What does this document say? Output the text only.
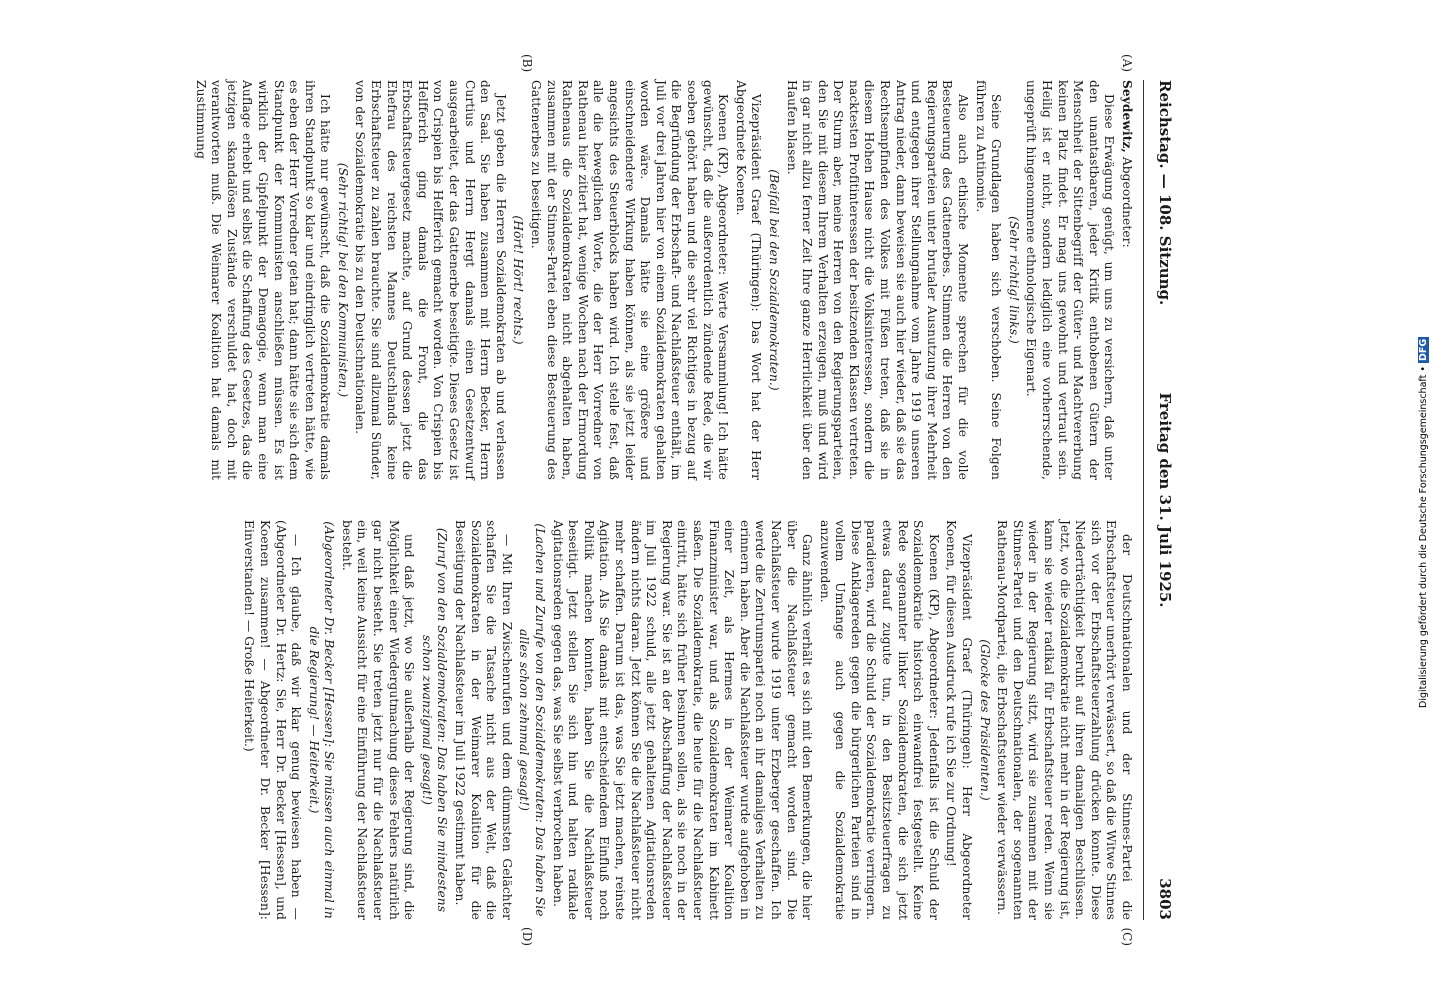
Reichstag. — 108. Sitzung.
Freitag den 31. Juli 1925.
3803
(A)
(B)
(C)
(D)

Seydewitz, Abgeordneter:

Diese Erwägung genügt, um uns zu versichern, daß unter den unantastbaren, jeder Kritik enthobenen Gütern der Menschheit der Sittenbegriff der Güter- und Machtvererbung keinen Platz findet. Er mag uns gewohnt und vertraut sein. Heilig ist er nicht, sondern lediglich eine vorherrschende, ungeprüft hingenommene ethnologische Eigenart.

(Sehr richtig! links.)

Seine Grundlagen haben sich verschoben. Seine Folgen führen zu Antinomie.

Also auch ethische Momente sprechen für die volle Besteuerung des Gattenerbes. Stimmen die Herren von den Regierungsparteien unter brutaler Ausnutzung ihrer Mehrheit und entgegen ihrer Stellungnahme vom Jahre 1919 unseren Antrag nieder, dann beweisen sie auch hier wieder, daß sie das Rechtsempfinden des Volkes mit Füßen treten, daß sie in diesem Hohen Hause nicht die Volksinteressen, sondern die nacktesten Profitinteressen der besitzenden Klassen vertreten. Der Sturm aber, meine Herren von den Regierungsparteien, den Sie mit diesem Ihrem Verhalten erzeugen, muß und wird in gar nicht allzu ferner Zeit Ihre ganze Herrlichkeit über den Haufen blasen.

(Beifall bei den Sozialdemokraten.)

Vizepräsident Graef (Thüringen): Das Wort hat der Herr Abgeordnete Koenen.

Koenen (KP), Abgeordneter: Werte Versammlung! Ich hätte gewünscht, daß die außerordentlich zündende Rede, die wir soeben gehört haben und die sehr viel Richtiges in bezug auf die Begründung der Erbschaft- und Nachlaßsteuer enthält, im Juli vor drei Jahren hier von einem Sozialdemokraten gehalten worden wäre. Damals hätte sie eine größere und einschneidendere Wirkung haben können, als sie jetzt leider angesichts des Steuerblocks haben wird. Ich stelle fest, daß alle die beweglichen Worte, die der Herr Vorredner von Rathenau hier zitiert hat, wenige Wochen nach der Ermordung Rathenaus die Sozialdemokraten nicht abgehalten haben, zusammen mit der Stinnes-Partei eben diese Besteuerung des Gattenerbes zu beseitigen.

(Hört! Hört! rechts.)

Jetzt geben die Herren Sozialdemokraten ab und verlassen den Saal. Sie haben zusammen mit Herrn Becker, Herrn Curtius und Herrn Hergt damals einen Gesetzentwurf ausgearbeitet, der das Gattenerbe beseitigte. Dieses Gesetz ist von Crispien bis Helfferich gemacht worden. Von Crispien bis Helfferich ging damals die Front, die das Erbschaftsteuergesetz machte, auf Grund dessen jetzt die Ehefrau des reichsten Mannes Deutschlands keine Erbschaftsteuer zu zahlen brauchte. Sie sind allzumal Sünder, von der Sozialdemokratie bis zu den Deutschnationalen.

(Sehr richtig! bei den Kommunisten.)

Ich hätte nur gewünscht, daß die Sozialdemokratie damals ihren Standpunkt so klar und eindringlich vertreten hätte, wie es eben der Herr Vorredner getan hat; dann hätte sie sich dem Standpunkt der Kommunisten anschließen müssen. Es ist wirklich der Gipfelpunkt der Demagogie, wenn man eine Auflage erhebt und selbst die Schaffung des Gesetzes, das die jetzigen skandalösen Zustände verschuldet hat, doch mit verantworten muß. Die Weimarer Koalition hat damals mit Zustimmung

der Deutschnationalen und der Stinnes-Partei die Erbschaftsteuer unerhört verwässert, so daß die Witwe Stinnes sich vor der Erbschaftsteuerzahlung drücken konnte. Diese Niederträchtigkeit beruht auf ihren damaligen Beschlüssen. Jetzt, wo die Sozialdemokratie nicht mehr in der Regierung ist, kann sie wieder radikal für Erbschaftsteuer reden. Wenn sie wieder in der Regierung sitzt, wird sie zusammen mit der Stinnes-Partei und den Deutschnationalen, der sogenannten Rathenau-Mordpartei, die Erbschaftsteuer wieder verwässern.

(Glocke des Präsidenten.)

Vizepräsident Graef (Thüringen): Herr Abgeordneter Koenen, für diesen Ausdruck rufe ich Sie zur Ordnung!

Koenen (KP), Abgeordneter: Jedenfalls ist die Schuld der Sozialdemokratie historisch einwandfrei festgestellt. Keine Rede sogenannter linker Sozialdemokraten, die sich jetzt etwas darauf zugute tun, in den Besitzsteuerfragen zu paradieren, wird die Schuld der Sozialdemokratie verringern. Diese Anklagereden gegen die bürgerlichen Parteien sind in vollem Umfange auch gegen die Sozialdemokratie anzuwenden.

Ganz ähnlich verhält es sich mit den Bemerkungen, die hier über die Nachlaßsteuer gemacht worden sind. Die Nachlaßsteuer wurde 1919 unter Erzberger geschaffen. Ich werde die Zentrumspartei noch an ihr damaliges Verhalten zu erinnern haben. Aber die Nachlaßsteuer wurde aufgehoben in einer Zeit, als Hermes in der Weimarer Koalition Finanzminister war, und als Sozialdemokraten im Kabinett saßen. Die Sozialdemokratie, die heute für die Nachlaßsteuer eintritt, hätte sich früher besinnen sollen, als sie noch in der Regierung war. Sie ist an der Abschaffung der Nachlaßsteuer im Juli 1922 schuld, alle jetzt gehaltenen Agitationsreden ändern nichts daran. Jetzt können Sie die Nachlaßsteuer nicht mehr schaffen. Darum ist das, was Sie jetzt machen, reinste Agitation. Als Sie damals mit entscheidendem Einfluß noch Politik machen konnten, haben Sie die Nachlaßsteuer beseitigt. Jetzt stellen Sie sich hin und halten radikale Agitationsreden gegen das, was Sie selbst verbrochen haben.

(Lachen und Zurufe von den Sozialdemokraten: Das haben Sie alles schon zehnmal gesagt!)

— Mit Ihren Zwischenrufen und dem dümmsten Gelächter schaffen Sie die Tatsache nicht aus der Welt, daß die Sozialdemokraten in der Weimarer Koalition für die Beseitigung der Nachlaßsteuer im Juli 1922 gestimmt haben.

(Zuruf von den Sozialdemokraten: Das haben Sie mindestens schon zwanzigmal gesagt!)

und daß jetzt, wo Sie außerhalb der Regierung sind, die Möglichkeit einer Wiedergutmachung dieses Fehlers natürlich gar nicht besteht. Sie treten jetzt nur für die Nachlaßsteuer ein, weil keine Aussicht für eine Einführung der Nachlaßsteuer besteht.

(Abgeordneter Dr. Becker [Hessen]: Sie müssen auch einmal in die Regierung! — Heiterkeit.)

— Ich glaube, daß wir klar genug bewiesen haben — (Abgeordneter Dr. Hertz: Sie, Herr Dr. Becker [Hessen], und Koenen zusammen! — Abgeordneter Dr. Becker [Hessen]: Einverstanden! — Große Heiterkeit.)	Digitalisierung gefördert durch die Deutsche Forschungsgemeinschaft • DFG
